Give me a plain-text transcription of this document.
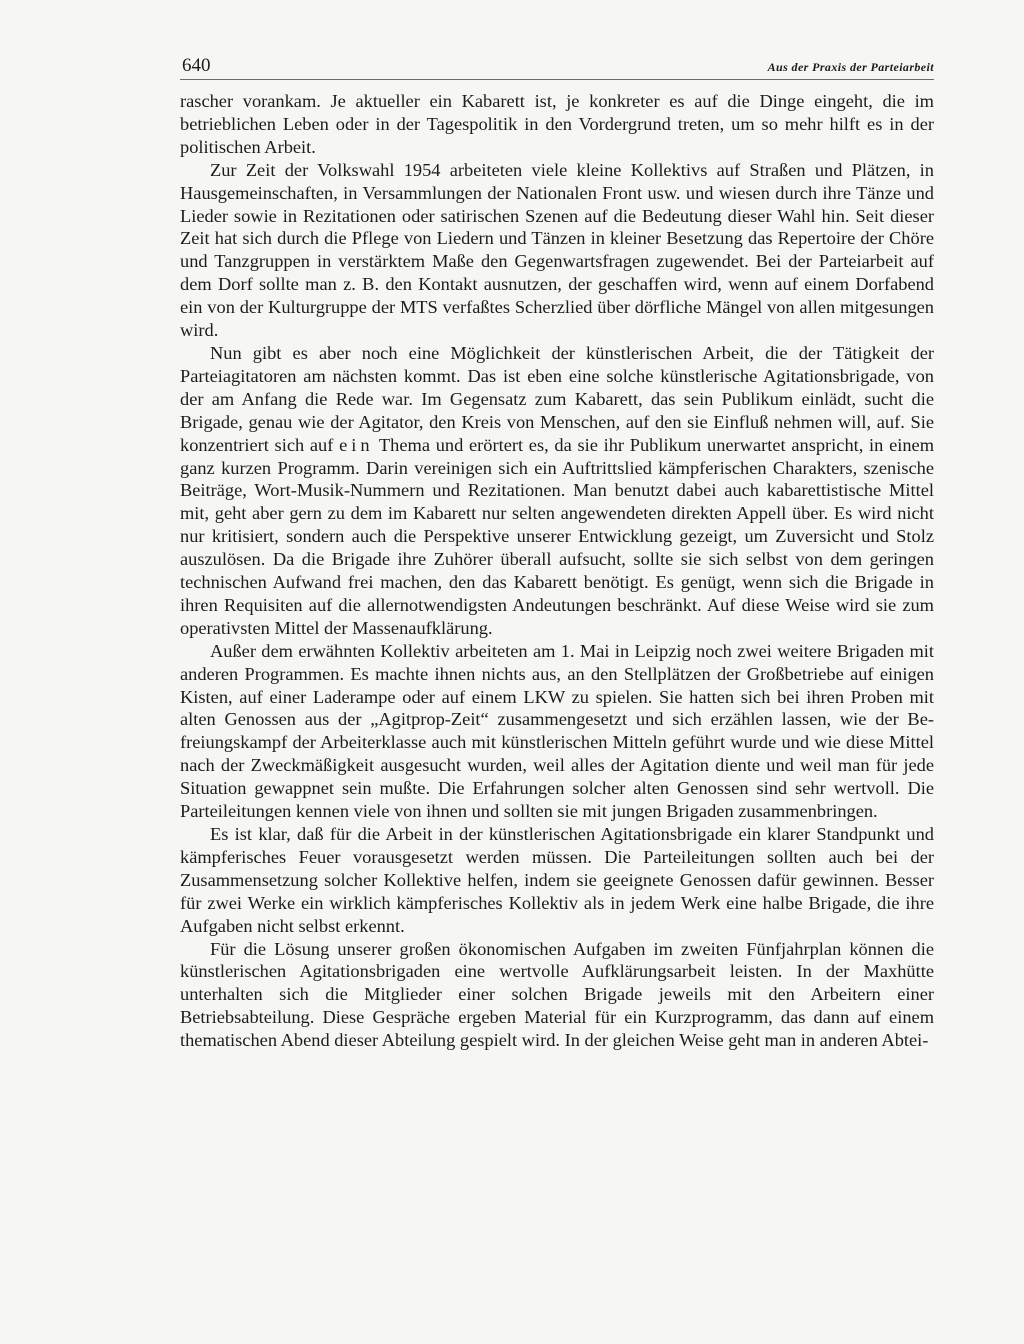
640	Aus der Praxis der Parteiarbeit

rascher vorankam. Je aktueller ein Kabarett ist, je konkreter es auf die Dinge eingeht, die im betrieblichen Leben oder in der Tagespolitik in den Vordergrund treten, um so mehr hilft es in der politischen Arbeit.

Zur Zeit der Volkswahl 1954 arbeiteten viele kleine Kollektivs auf Straßen und Plätzen, in Hausgemeinschaften, in Versammlungen der Nationalen Front usw. und wiesen durch ihre Tänze und Lieder sowie in Rezitationen oder satirischen Szenen auf die Bedeutung dieser Wahl hin. Seit dieser Zeit hat sich durch die Pflege von Liedern und Tänzen in kleiner Besetzung das Repertoire der Chöre und Tanzgruppen in verstärktem Maße den Gegenwartsfragen zugewendet. Bei der Parteiarbeit auf dem Dorf sollte man z. B. den Kontakt ausnutzen, der geschaffen wird, wenn auf einem Dorfabend ein von der Kulturgruppe der MTS verfaßtes Scherzlied über dörfliche Mängel von allen mitgesungen wird.

Nun gibt es aber noch eine Möglichkeit der künstlerischen Arbeit, die der Tätigkeit der Parteiagitatoren am nächsten kommt. Das ist eben eine solche künstlerische Agitationsbrigade, von der am Anfang die Rede war. Im Gegensatz zum Kabarett, das sein Publikum einlädt, sucht die Brigade, genau wie der Agitator, den Kreis von Menschen, auf den sie Einfluß nehmen will, auf. Sie konzentriert sich auf ein Thema und erörtert es, da sie ihr Publikum unerwartet anspricht, in einem ganz kurzen Programm. Darin vereinigen sich ein Auftrittslied kämpferischen Charakters, szenische Beiträge, Wort-Musik-Nummern und Rezitationen. Man benutzt dabei auch kabarettistische Mittel mit, geht aber gern zu dem im Kabarett nur selten angewendeten direkten Appell über. Es wird nicht nur kritisiert, sondern auch die Perspektive unserer Entwicklung gezeigt, um Zuversicht und Stolz auszulösen. Da die Brigade ihre Zuhörer überall aufsucht, sollte sie sich selbst von dem geringen technischen Aufwand frei machen, den das Kabarett benötigt. Es genügt, wenn sich die Brigade in ihren Requisiten auf die allernotwendigsten Andeutungen beschränkt. Auf diese Weise wird sie zum operativsten Mittel der Massenaufklärung.

Außer dem erwähnten Kollektiv arbeiteten am 1. Mai in Leipzig noch zwei weitere Brigaden mit anderen Programmen. Es machte ihnen nichts aus, an den Stellplätzen der Großbetriebe auf einigen Kisten, auf einer Laderampe oder auf einem LKW zu spielen. Sie hatten sich bei ihren Proben mit alten Genossen aus der „Agitprop-Zeit“ zusammengesetzt und sich erzählen lassen, wie der Befreiungskampf der Arbeiterklasse auch mit künstlerischen Mitteln geführt wurde und wie diese Mittel nach der Zweckmäßigkeit ausgesucht wurden, weil alles der Agitation diente und weil man für jede Situation gewappnet sein mußte. Die Erfahrungen solcher alten Genossen sind sehr wertvoll. Die Parteileitungen kennen viele von ihnen und sollten sie mit jungen Brigaden zusammenbringen.

Es ist klar, daß für die Arbeit in der künstlerischen Agitationsbrigade ein klarer Standpunkt und kämpferisches Feuer vorausgesetzt werden müssen. Die Parteileitungen sollten auch bei der Zusammensetzung solcher Kollektive helfen, indem sie geeignete Genossen dafür gewinnen. Besser für zwei Werke ein wirklich kämpferisches Kollektiv als in jedem Werk eine halbe Brigade, die ihre Aufgaben nicht selbst erkennt.

Für die Lösung unserer großen ökonomischen Aufgaben im zweiten Fünfjahrplan können die künstlerischen Agitationsbrigaden eine wertvolle Aufklärungsarbeit leisten. In der Maxhütte unterhalten sich die Mitglieder einer solchen Brigade jeweils mit den Arbeitern einer Betriebsabteilung. Diese Gespräche ergeben Material für ein Kurzprogramm, das dann auf einem thematischen Abend dieser Abteilung gespielt wird. In der gleichen Weise geht man in anderen Abtei-
